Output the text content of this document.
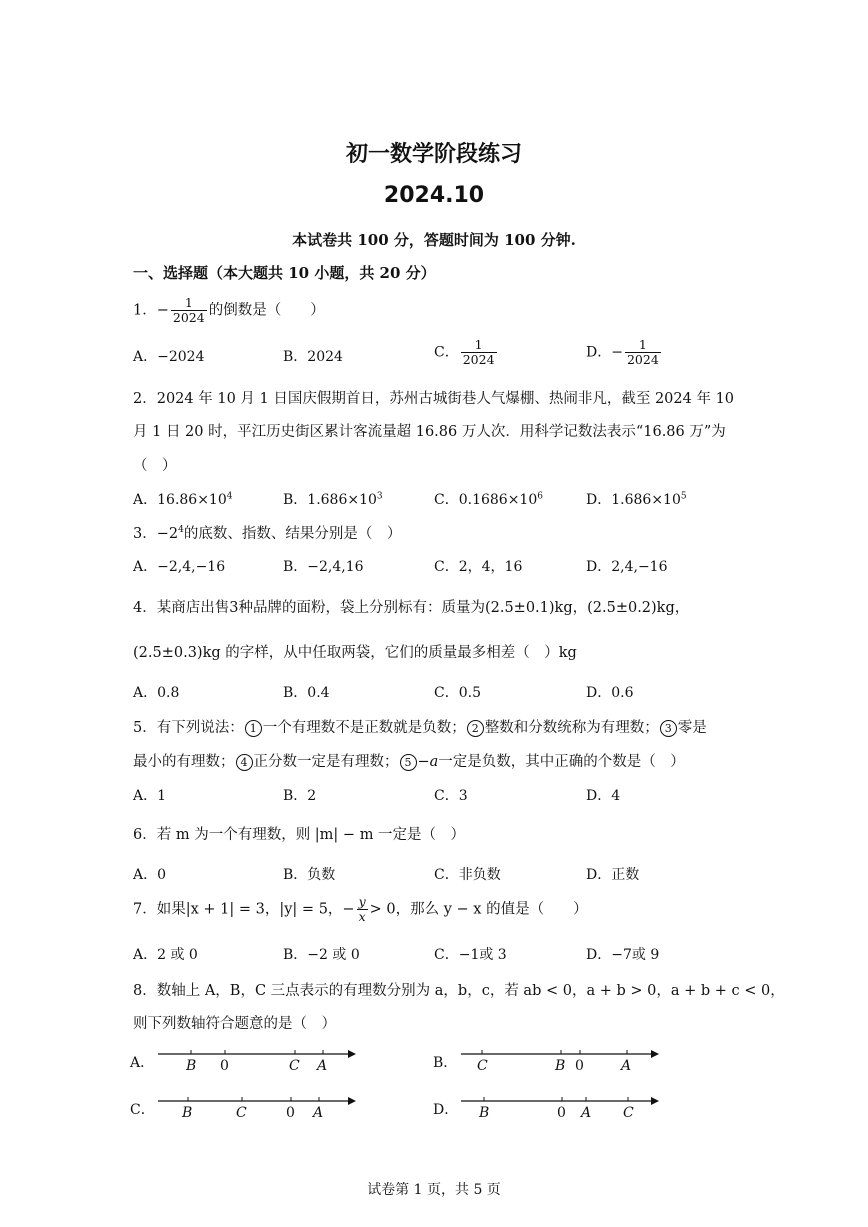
初一数学阶段练习
2024.10
本试卷共 100 分，答题时间为 100 分钟.
一、选择题（本大题共 10 小题，共 20 分）
1．− $\frac{1}{2024}$ 的倒数是（　　）
A．−2024	B．2024	C． $\frac{1}{2024}$	D．− $\frac{1}{2024}$
2．2024 年 10 月 1 日国庆假期首日，苏州古城街巷人气爆棚、热闹非凡，截至 2024 年 10
月 1 日 20 时，平江历史街区累计客流量超 16.86 万人次．用科学记数法表示“16.86 万”为
（　）
A．$16.86\times 10^4$	B．$1.686\times 10^3$	C．$0.1686\times 10^6$	D．$1.686\times 10^5$
3．$-2^4$的底数、指数、结果分别是（　）
A．−2,4,−16	B．−2,4,16	C．2，4，16	D．2,4,−16
4．某商店出售3种品牌的面粉，袋上分别标有：质量为(2.5±0.1)kg，(2.5±0.2)kg，
(2.5±0.3)kg 的字样，从中任取两袋，它们的质量最多相差（　）kg
A．0.8	B．0.4	C．0.5	D．0.6
5．有下列说法： 1 一个有理数不是正数就是负数； 2 整数和分数统称为有理数； 3 零是
最小的有理数； 4 正分数一定是有理数； 5 −a一定是负数，其中正确的个数是（　）
A．1	B．2	C．3	D．4
6．若 m 为一个有理数，则 |m| − m 一定是（　）
A．0	B．负数	C．非负数	D．正数
7．如果|x + 1| = 3，|y| = 5，− $\frac{y}{x} > 0$，那么 y − x 的值是（　　）
A．2 或 0	B．−2 或 0	C．−1或 3	D．−7或 9
8．数轴上 A，B，C 三点表示的有理数分别为 a，b，c，若 ab < 0，a + b > 0，a + b + c < 0，
则下列数轴符合题意的是（　）
A． B 0	C A	B． C	B 0	A
C． B	C	0 A	D． B	0 A C
试卷第 1 页，共 5 页
